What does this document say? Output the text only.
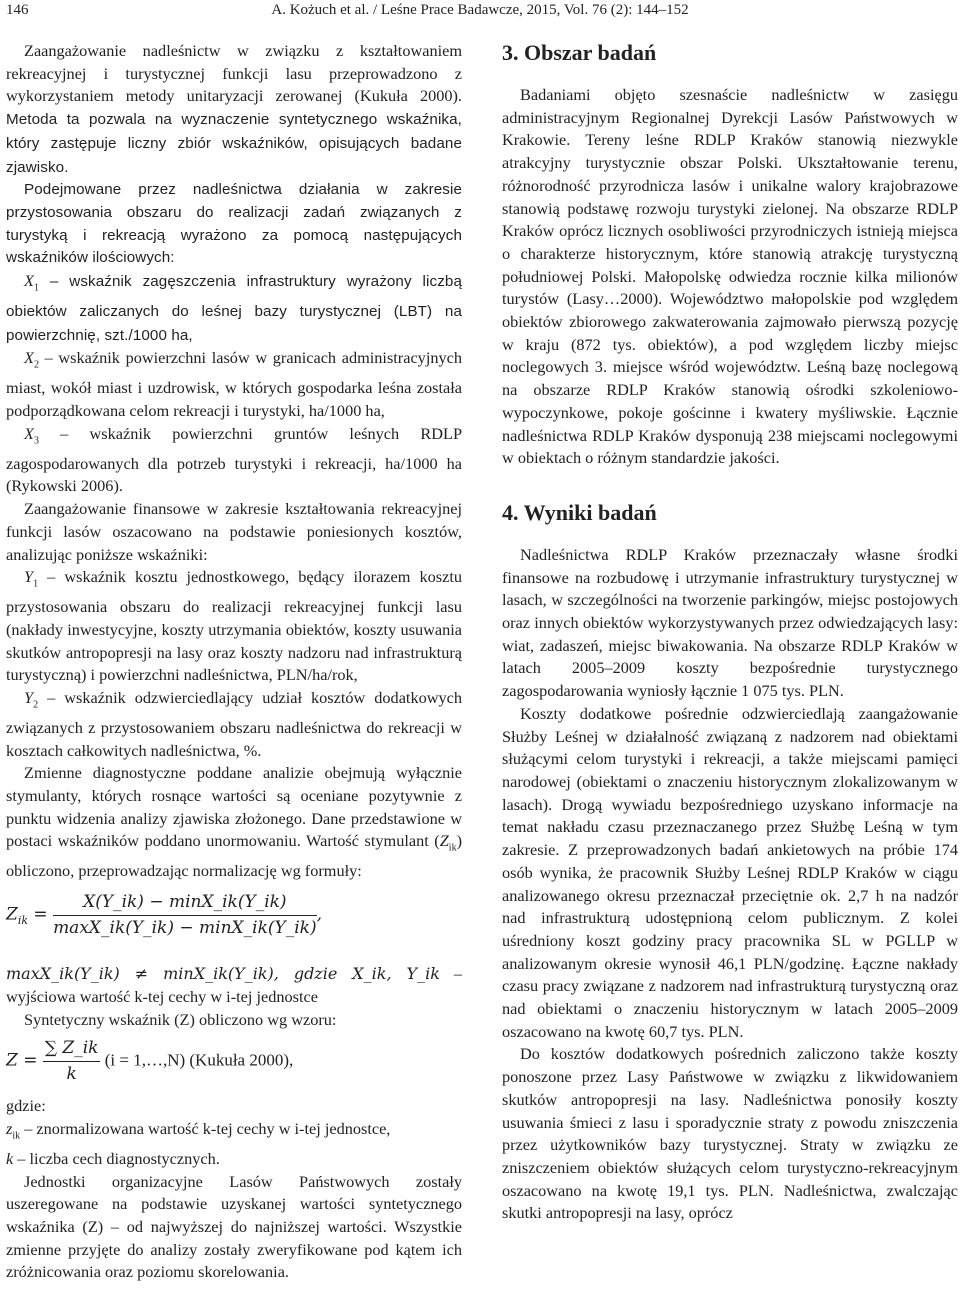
146	A. Kożuch et al. / Leśne Prace Badawcze, 2015, Vol. 76 (2): 144–152

Zaangażowanie nadleśnictw w związku z kształtowaniem rekreacyjnej i turystycznej funkcji lasu przeprowadzono z wykorzystaniem metody unitaryzacji zerowanej (Kukuła 2000). Metoda ta pozwala na wyznaczenie syntetycznego wskaźnika, który zastępuje liczny zbiór wskaźników, opisujących badane zjawisko.

Podejmowane przez nadleśnictwa działania w zakresie przystosowania obszaru do realizacji zadań związanych z turystyką i rekreacją wyrażono za pomocą następujących wskaźników ilościowych:

$X_1$ – wskaźnik zagęszczenia infrastruktury wyrażony liczbą obiektów zaliczanych do leśnej bazy turystycznej (LBT) na powierzchnię, szt./1000 ha,

$X_2$ – wskaźnik powierzchni lasów w granicach administracyjnych miast, wokół miast i uzdrowisk, w których gospodarka leśna została podporządkowana celom rekreacji i turystyki, ha/1000 ha,

$X_3$ – wskaźnik powierzchni gruntów leśnych RDLP zagospodarowanych dla potrzeb turystyki i rekreacji, ha/1000 ha (Rykowski 2006).

Zaangażowanie finansowe w zakresie kształtowania rekreacyjnej funkcji lasów oszacowano na podstawie poniesionych kosztów, analizując poniższe wskaźniki:

$Y_1$ – wskaźnik kosztu jednostkowego, będący ilorazem kosztu przystosowania obszaru do realizacji rekreacyjnej funkcji lasu (nakłady inwestycyjne, koszty utrzymania obiektów, koszty usuwania skutków antropopresji na lasy oraz koszty nadzoru nad infrastrukturą turystyczną) i powierzchni nadleśnictwa, PLN/ha/rok,

$Y_2$ – wskaźnik odzwierciedlający udział kosztów dodatkowych związanych z przystosowaniem obszaru nadleśnictwa do rekreacji w kosztach całkowitych nadleśnictwa, %.

Zmienne diagnostyczne poddane analizie obejmują wyłącznie stymulanty, których rosnące wartości są oceniane pozytywnie z punktu widzenia analizy zjawiska złożonego. Dane przedstawione w postaci wskaźników poddano unormowaniu. Wartość stymulant $(Z_{ik})$ obliczono, przeprowadzając normalizację wg formuły:

$Z_{ik} = \frac{X(Y\_ik) - \min X\_ik(Y\_ik)}{\max X\_ik(Y\_ik) - \min X\_ik(Y\_ik)}$ ,

maxX_ik(Y_ik) ≠ minX_ik(Y_ik), gdzie X_ik, Y_ik – wyjściowa wartość k-tej cechy w i-tej jednostce

Syntetyczny wskaźnik (Z) obliczono wg wzoru:

$Z = \frac{\sum Z\_ik}{k} (i$ = 1,…,N) (Kukuła 2000),

gdzie:

$z_{ik}$ – znormalizowana wartość k-tej cechy w i-tej jednostce,

k – liczba cech diagnostycznych.

Jednostki organizacyjne Lasów Państwowych zostały uszeregowane na podstawie uzyskanej wartości syntetycznego wskaźnika (Z) – od najwyższej do najniższej wartości. Wszystkie zmienne przyjęte do analizy zostały zweryfikowane pod kątem ich zróżnicowania oraz poziomu skorelowania.

3. Obszar badań

Badaniami objęto szesnaście nadleśnictw w zasięgu administracyjnym Regionalnej Dyrekcji Lasów Państwowych w Krakowie. Tereny leśne RDLP Kraków stanowią niezwykle atrakcyjny turystycznie obszar Polski. Ukształtowanie terenu, różnorodność przyrodnicza lasów i unikalne walory krajobrazowe stanowią podstawę rozwoju turystyki zielonej. Na obszarze RDLP Kraków oprócz licznych osobliwości przyrodniczych istnieją miejsca o charakterze historycznym, które stanowią atrakcję turystyczną południowej Polski. Małopolskę odwiedza rocznie kilka milionów turystów (Lasy…2000). Województwo małopolskie pod względem obiektów zbiorowego zakwaterowania zajmowało pierwszą pozycję w kraju (872 tys. obiektów), a pod względem liczby miejsc noclegowych 3. miejsce wśród województw. Leśną bazę noclegową na obszarze RDLP Kraków stanowią ośrodki szkoleniowo-wypoczynkowe, pokoje gościnne i kwatery myśliwskie. Łącznie nadleśnictwa RDLP Kraków dysponują 238 miejscami noclegowymi w obiektach o różnym standardzie jakości.

4. Wyniki badań

Nadleśnictwa RDLP Kraków przeznaczały własne środki finansowe na rozbudowę i utrzymanie infrastruktury turystycznej w lasach, w szczególności na tworzenie parkingów, miejsc postojowych oraz innych obiektów wykorzystywanych przez odwiedzających lasy: wiat, zadaszeń, miejsc biwakowania. Na obszarze RDLP Kraków w latach 2005–2009 koszty bezpośrednie turystycznego zagospodarowania wyniosły łącznie 1 075 tys. PLN.

Koszty dodatkowe pośrednie odzwierciedlają zaangażowanie Służby Leśnej w działalność związaną z nadzorem nad obiektami służącymi celom turystyki i rekreacji, a także miejscami pamięci narodowej (obiektami o znaczeniu historycznym zlokalizowanym w lasach). Drogą wywiadu bezpośredniego uzyskano informacje na temat nakładu czasu przeznaczanego przez Służbę Leśną w tym zakresie. Z przeprowadzonych badań ankietowych na próbie 174 osób wynika, że pracownik Służby Leśnej RDLP Kraków w ciągu analizowanego okresu przeznaczał przeciętnie ok. 2,7 h na nadzór nad infrastrukturą udostępnioną celom publicznym. Z kolei uśredniony koszt godziny pracy pracownika SL w PGLLP w analizowanym okresie wynosił 46,1 PLN/godzinę. Łączne nakłady czasu pracy związane z nadzorem nad infrastrukturą turystyczną oraz nad obiektami o znaczeniu historycznym w latach 2005–2009 oszacowano na kwotę 60,7 tys. PLN.

Do kosztów dodatkowych pośrednich zaliczono także koszty ponoszone przez Lasy Państwowe w związku z likwidowaniem skutków antropopresji na lasy. Nadleśnictwa ponosiły koszty usuwania śmieci z lasu i sporadycznie straty z powodu zniszczenia przez użytkowników bazy turystycznej. Straty w związku ze zniszczeniem obiektów służących celom turystyczno-rekreacyjnym oszacowano na kwotę 19,1 tys. PLN. Nadleśnictwa, zwalczając skutki antropopresji na lasy, oprócz
